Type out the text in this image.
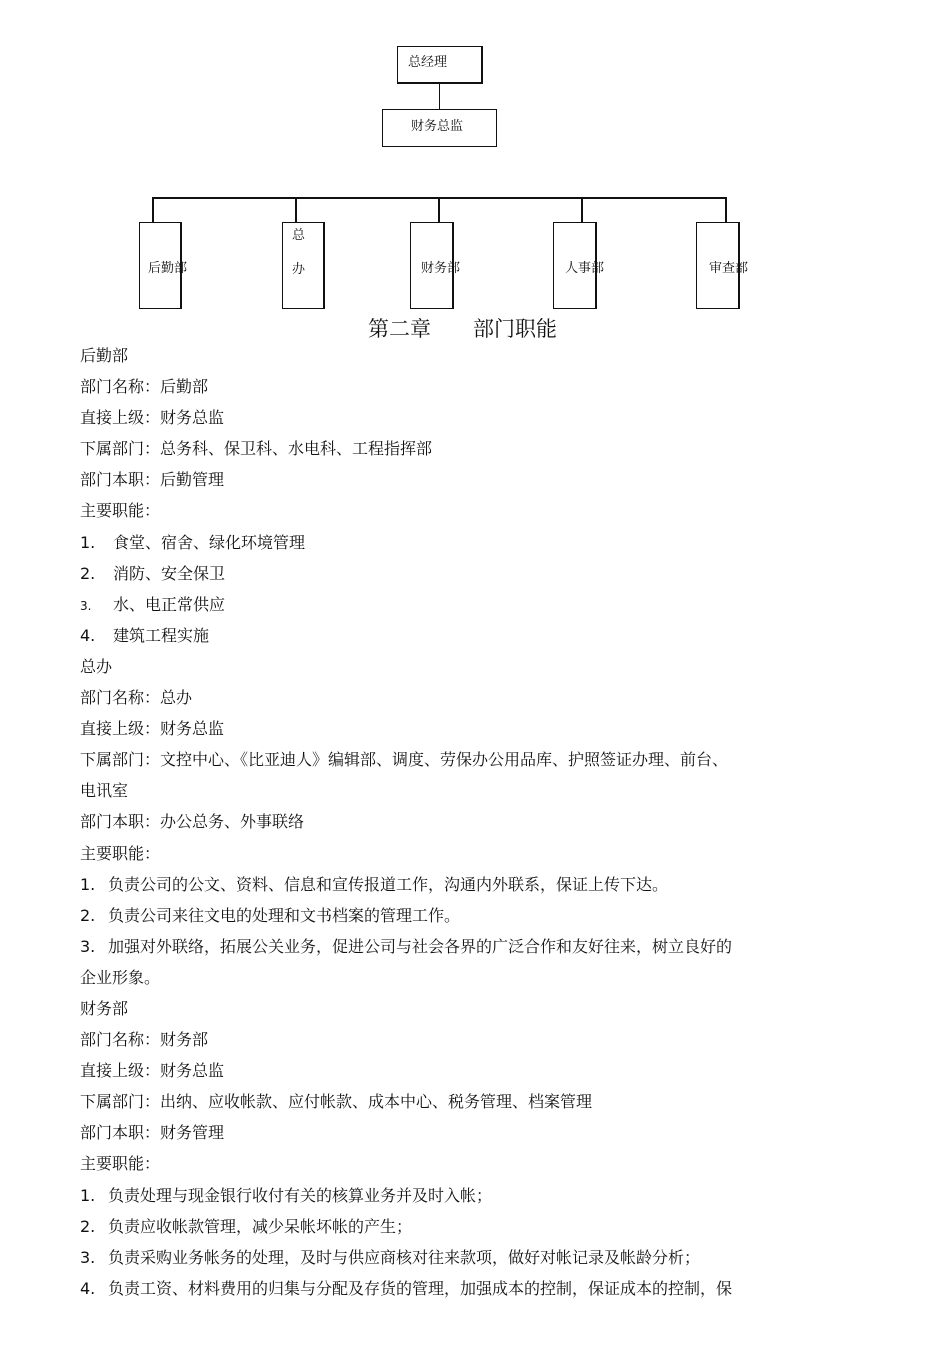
总经理
财务总监
后勤部
总
办	财务部	人事部	审查部
第二章　　部门职能

后勤部

部门名称：后勤部

直接上级：财务总监

下属部门：总务科、保卫科、水电科、工程指挥部

部门本职：后勤管理

主要职能：

1. 食堂、宿舍、绿化环境管理

2. 消防、安全保卫

3. 水、电正常供应

4. 建筑工程实施

总办

部门名称：总办

直接上级：财务总监

下属部门：文控中心、《比亚迪人》编辑部、调度、劳保办公用品库、护照签证办理、前台、

电讯室

部门本职：办公总务、外事联络

主要职能：

1. 负责公司的公文、资料、信息和宣传报道工作，沟通内外联系，保证上传下达。

2. 负责公司来往文电的处理和文书档案的管理工作。

3. 加强对外联络，拓展公关业务，促进公司与社会各界的广泛合作和友好往来，树立良好的

企业形象。

财务部

部门名称：财务部

直接上级：财务总监

下属部门：出纳、应收帐款、应付帐款、成本中心、税务管理、档案管理

部门本职：财务管理

主要职能：

1. 负责处理与现金银行收付有关的核算业务并及时入帐；

2. 负责应收帐款管理，减少呆帐坏帐的产生；

3. 负责采购业务帐务的处理，及时与供应商核对往来款项，做好对帐记录及帐龄分析；

4. 负责工资、材料费用的归集与分配及存货的管理，加强成本的控制，保证成本的控制，保
